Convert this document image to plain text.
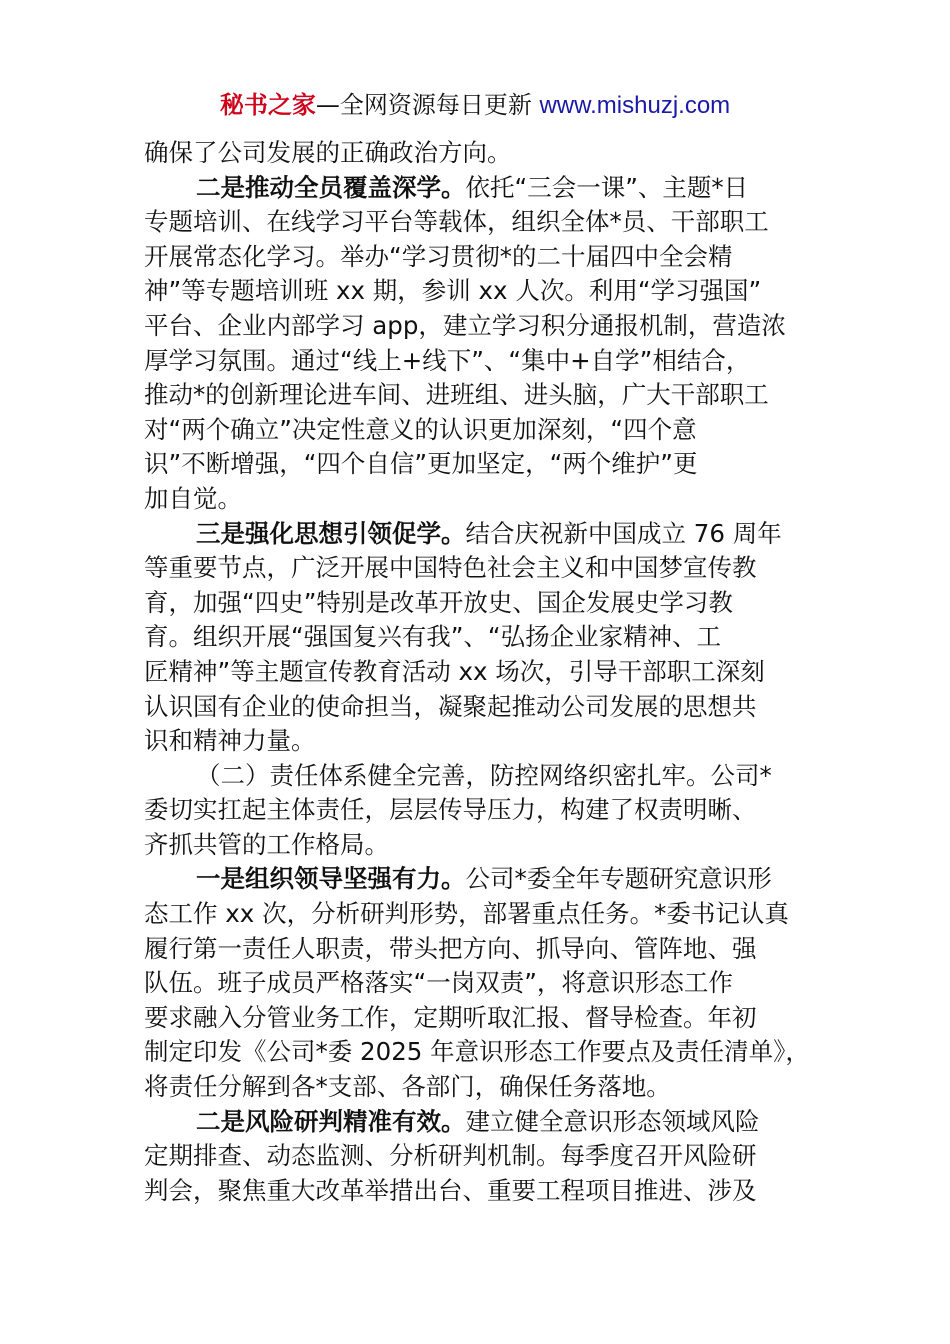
秘书之家—全网资源每日更新 www.mishuzj.com
确保了公司发展的正确政治方向。
二是推动全员覆盖深学。依托“三会一课”、主题*日
专题培训、在线学习平台等载体，组织全体*员、干部职工
开展常态化学习。举办“学习贯彻*的二十届四中全会精
神”等专题培训班 xx 期，参训 xx 人次。利用“学习强国”
平台、企业内部学习 app，建立学习积分通报机制，营造浓
厚学习氛围。通过“线上+线下”、“集中+自学”相结合，
推动*的创新理论进车间、进班组、进头脑，广大干部职工
对“两个确立”决定性意义的认识更加深刻，“四个意
识”不断增强，“四个自信”更加坚定，“两个维护”更
加自觉。
三是强化思想引领促学。结合庆祝新中国成立 76 周年
等重要节点，广泛开展中国特色社会主义和中国梦宣传教
育，加强“四史”特别是改革开放史、国企发展史学习教
育。组织开展“强国复兴有我”、“弘扬企业家精神、工
匠精神”等主题宣传教育活动 xx 场次，引导干部职工深刻
认识国有企业的使命担当，凝聚起推动公司发展的思想共
识和精神力量。
（二）责任体系健全完善，防控网络织密扎牢。公司*
委切实扛起主体责任，层层传导压力，构建了权责明晰、
齐抓共管的工作格局。
一是组织领导坚强有力。公司*委全年专题研究意识形
态工作 xx 次，分析研判形势，部署重点任务。*委书记认真
履行第一责任人职责，带头把方向、抓导向、管阵地、强
队伍。班子成员严格落实“一岗双责”，将意识形态工作
要求融入分管业务工作，定期听取汇报、督导检查。年初
制定印发《公司*委 2025 年意识形态工作要点及责任清单》，
将责任分解到各*支部、各部门，确保任务落地。
二是风险研判精准有效。建立健全意识形态领域风险
定期排查、动态监测、分析研判机制。每季度召开风险研
判会，聚焦重大改革举措出台、重要工程项目推进、涉及
